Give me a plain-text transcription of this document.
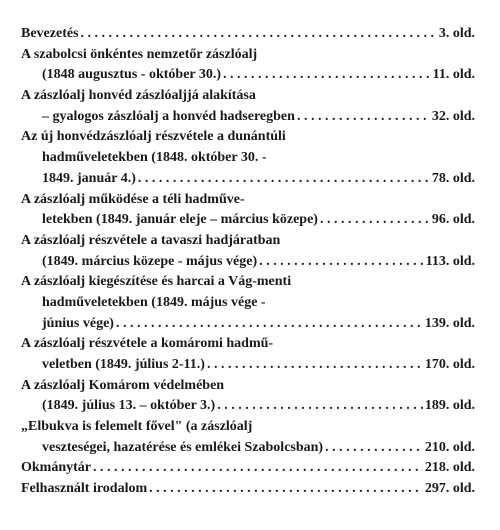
Bevezetés . . .	3. old.
A szabolcsi önkéntes nemzetőr zászlóalj
(1848 augusztus - október 30.) . . .	11. old.
A zászlóalj honvéd zászlóaljjá alakítása
– gyalogos zászlóalj a honvéd hadseregben . . .	32. old.
Az új honvédzászlóalj részvétele a dunántúli
hadműveletekben (1848. október 30. -
1849. január 4.) . . .	78. old.
A zászlóalj működése a téli hadműve-
letekben (1849. január eleje – március közepe) . . .	96. old.
A zászlóalj részvétele a tavaszi hadjáratban
(1849. március közepe - május vége) . . .	113. old.
A zászlóalj kiegészítése és harcai a Vág-menti
hadműveletekben (1849. május vége -
június vége) . . .	139. old.
A zászlóalj részvétele a komáromi hadmű-
veletben (1849. július 2-11.) . . .	170. old.
A zászlóalj Komárom védelmében
(1849. július 13. – október 3.) . . .	189. old.
„Elbukva is felemelt fővel" (a zászlóalj
veszteségei, hazatérése és emlékei Szabolcsban) . . .	210. old.
Okmánytár . . .	218. old.
Felhasznált irodalom . . .	297. old.
